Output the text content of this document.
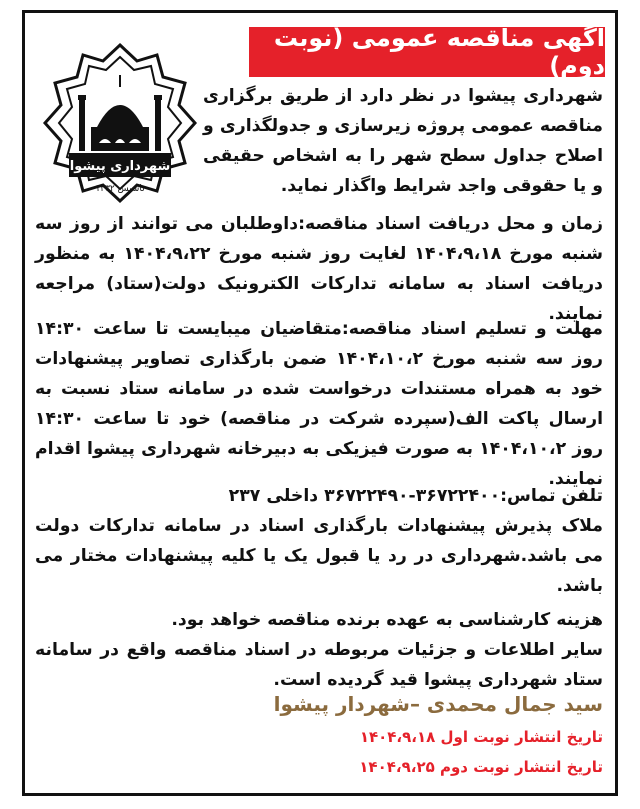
آگهی مناقصه عمومی (نوبت دوم)
شهرداری پیشوا
تاسیس ۱۳۳۲

شهرداری پیشوا در نظر دارد از طریق برگزاری مناقصه عمومی پروژه زیرسازی و جدولگذاری و اصلاح جداول سطح شهر را به اشخاص حقیقی و یا حقوقی واجد شرایط واگذار نماید.

زمان و محل دریافت اسناد مناقصه:داوطلبان می توانند از روز سه شنبه مورخ ۱۴۰۴،۹،۱۸ لغایت روز شنبه مورخ ۱۴۰۴،۹،۲۲ به منظور دریافت اسناد به سامانه تدارکات الکترونیک دولت(ستاد) مراجعه نمایند.

مهلت و تسلیم اسناد مناقصه:متقاضیان میبایست تا ساعت ۱۴:۳۰ روز سه شنبه مورخ ۱۴۰۴،۱۰،۲ ضمن بارگذاری تصاویر پیشنهادات خود به همراه مستندات درخواست شده در سامانه ستاد نسبت به ارسال پاکت الف(سپرده شرکت در مناقصه) خود تا ساعت ۱۴:۳۰ روز ۱۴۰۴،۱۰،۲ به صورت فیزیکی به دبیرخانه شهرداری پیشوا اقدام نمایند.

تلفن تماس:۳۶۷۲۲۴۰۰-۳۶۷۲۲۴۹۰ داخلی ۲۳۷

ملاک پذیرش پیشنهادات بارگذاری اسناد در سامانه تدارکات دولت می باشد.شهرداری در رد یا قبول یک یا کلیه پیشنهادات مختار می باشد.

هزینه کارشناسی به عهده برنده مناقصه خواهد بود.

سایر اطلاعات و جزئیات مربوطه در اسناد مناقصه واقع در سامانه ستاد شهرداری پیشوا قید گردیده است.

سید جمال محمدی –شهردار پیشوا

تاریخ انتشار نوبت اول ۱۴۰۴،۹،۱۸

تاریخ انتشار نوبت دوم ۱۴۰۴،۹،۲۵
